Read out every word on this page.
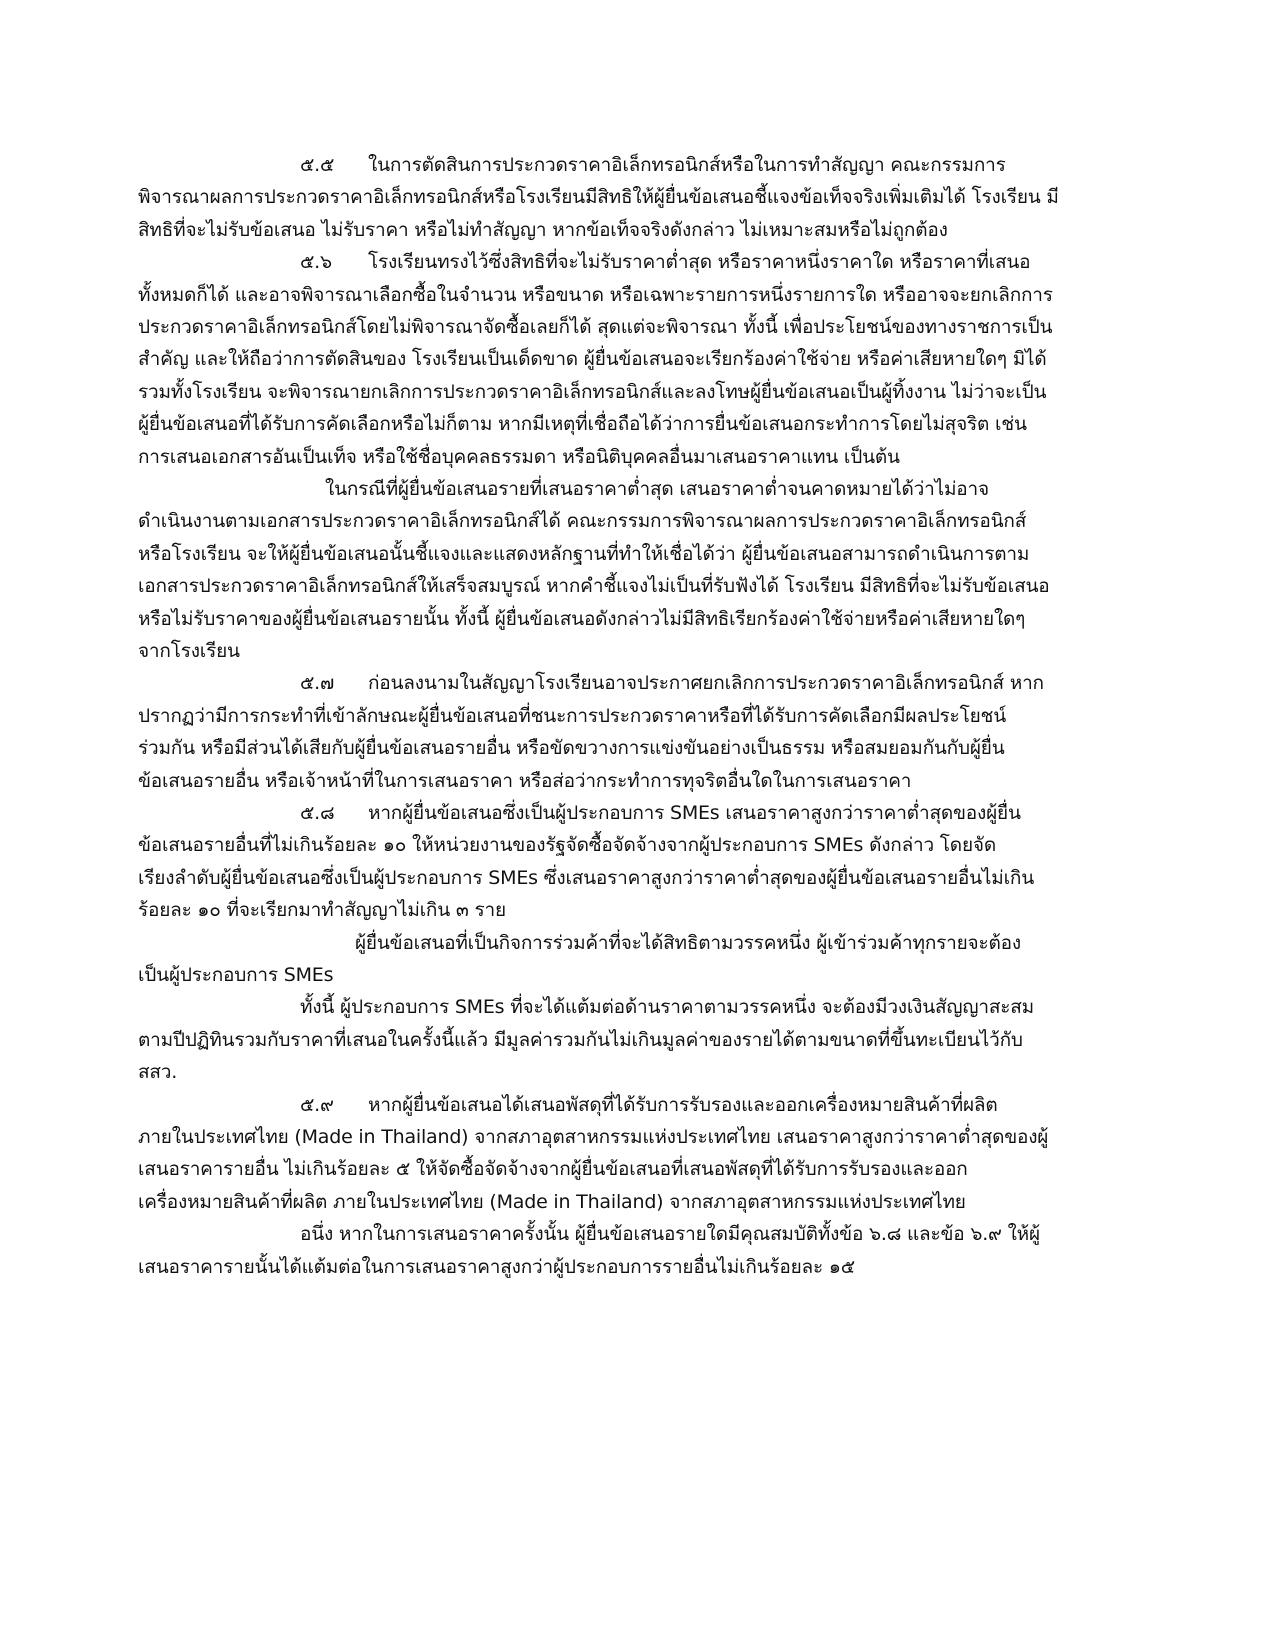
๕.๕ ในการตัดสินการประกวดราคาอิเล็กทรอนิกส์หรือในการทำสัญญา คณะกรรมการ
พิจารณาผลการประกวดราคาอิเล็กทรอนิกส์หรือโรงเรียนมีสิทธิให้ผู้ยื่นข้อเสนอชี้แจงข้อเท็จจริงเพิ่มเติมได้ โรงเรียน มี
สิทธิที่จะไม่รับข้อเสนอ ไม่รับราคา หรือไม่ทำสัญญา หากข้อเท็จจริงดังกล่าว ไม่เหมาะสมหรือไม่ถูกต้อง
๕.๖ โรงเรียนทรงไว้ซึ่งสิทธิที่จะไม่รับราคาต่ำสุด หรือราคาหนึ่งราคาใด หรือราคาที่เสนอ
ทั้งหมดก็ได้ และอาจพิจารณาเลือกซื้อในจำนวน หรือขนาด หรือเฉพาะรายการหนึ่งรายการใด หรืออาจจะยกเลิกการ
ประกวดราคาอิเล็กทรอนิกส์โดยไม่พิจารณาจัดซื้อเลยก็ได้ สุดแต่จะพิจารณา ทั้งนี้ เพื่อประโยชน์ของทางราชการเป็น
สำคัญ และให้ถือว่าการตัดสินของ โรงเรียนเป็นเด็ดขาด ผู้ยื่นข้อเสนอจะเรียกร้องค่าใช้จ่าย หรือค่าเสียหายใดๆ มิได้
รวมทั้งโรงเรียน จะพิจารณายกเลิกการประกวดราคาอิเล็กทรอนิกส์และลงโทษผู้ยื่นข้อเสนอเป็นผู้ทิ้งงาน ไม่ว่าจะเป็น
ผู้ยื่นข้อเสนอที่ได้รับการคัดเลือกหรือไม่ก็ตาม หากมีเหตุที่เชื่อถือได้ว่าการยื่นข้อเสนอกระทำการโดยไม่สุจริต เช่น
การเสนอเอกสารอันเป็นเท็จ หรือใช้ชื่อบุคคลธรรมดา หรือนิติบุคคลอื่นมาเสนอราคาแทน เป็นต้น
ในกรณีที่ผู้ยื่นข้อเสนอรายที่เสนอราคาต่ำสุด เสนอราคาต่ำจนคาดหมายได้ว่าไม่อาจ
ดำเนินงานตามเอกสารประกวดราคาอิเล็กทรอนิกส์ได้ คณะกรรมการพิจารณาผลการประกวดราคาอิเล็กทรอนิกส์
หรือโรงเรียน จะให้ผู้ยื่นข้อเสนอนั้นชี้แจงและแสดงหลักฐานที่ทำให้เชื่อได้ว่า ผู้ยื่นข้อเสนอสามารถดำเนินการตาม
เอกสารประกวดราคาอิเล็กทรอนิกส์ให้เสร็จสมบูรณ์ หากคำชี้แจงไม่เป็นที่รับฟังได้ โรงเรียน มีสิทธิที่จะไม่รับข้อเสนอ
หรือไม่รับราคาของผู้ยื่นข้อเสนอรายนั้น ทั้งนี้ ผู้ยื่นข้อเสนอดังกล่าวไม่มีสิทธิเรียกร้องค่าใช้จ่ายหรือค่าเสียหายใดๆ
จากโรงเรียน
๕.๗ ก่อนลงนามในสัญญาโรงเรียนอาจประกาศยกเลิกการประกวดราคาอิเล็กทรอนิกส์ หาก
ปรากฏว่ามีการกระทำที่เข้าลักษณะผู้ยื่นข้อเสนอที่ชนะการประกวดราคาหรือที่ได้รับการคัดเลือกมีผลประโยชน์
ร่วมกัน หรือมีส่วนได้เสียกับผู้ยื่นข้อเสนอรายอื่น หรือขัดขวางการแข่งขันอย่างเป็นธรรม หรือสมยอมกันกับผู้ยื่น
ข้อเสนอรายอื่น หรือเจ้าหน้าที่ในการเสนอราคา หรือส่อว่ากระทำการทุจริตอื่นใดในการเสนอราคา
๕.๘ หากผู้ยื่นข้อเสนอซึ่งเป็นผู้ประกอบการ SMEs เสนอราคาสูงกว่าราคาต่ำสุดของผู้ยื่น
ข้อเสนอรายอื่นที่ไม่เกินร้อยละ ๑๐ ให้หน่วยงานของรัฐจัดซื้อจัดจ้างจากผู้ประกอบการ SMEs ดังกล่าว โดยจัด
เรียงลำดับผู้ยื่นข้อเสนอซึ่งเป็นผู้ประกอบการ SMEs ซึ่งเสนอราคาสูงกว่าราคาต่ำสุดของผู้ยื่นข้อเสนอรายอื่นไม่เกิน
ร้อยละ ๑๐ ที่จะเรียกมาทำสัญญาไม่เกิน ๓ ราย
ผู้ยื่นข้อเสนอที่เป็นกิจการร่วมค้าที่จะได้สิทธิตามวรรคหนึ่ง ผู้เข้าร่วมค้าทุกรายจะต้อง
เป็นผู้ประกอบการ SMEs
ทั้งนี้ ผู้ประกอบการ SMEs ที่จะได้แต้มต่อด้านราคาตามวรรคหนึ่ง จะต้องมีวงเงินสัญญาสะสม
ตามปีปฏิทินรวมกับราคาที่เสนอในครั้งนี้แล้ว มีมูลค่ารวมกันไม่เกินมูลค่าของรายได้ตามขนาดที่ขึ้นทะเบียนไว้กับ
สสว.
๕.๙ หากผู้ยื่นข้อเสนอได้เสนอพัสดุที่ได้รับการรับรองและออกเครื่องหมายสินค้าที่ผลิต
ภายในประเทศไทย (Made in Thailand) จากสภาอุตสาหกรรมแห่งประเทศไทย เสนอราคาสูงกว่าราคาต่ำสุดของผู้
เสนอราคารายอื่น ไม่เกินร้อยละ ๕ ให้จัดซื้อจัดจ้างจากผู้ยื่นข้อเสนอที่เสนอพัสดุที่ได้รับการรับรองและออก
เครื่องหมายสินค้าที่ผลิต ภายในประเทศไทย (Made in Thailand) จากสภาอุตสาหกรรมแห่งประเทศไทย
อนึ่ง หากในการเสนอราคาครั้งนั้น ผู้ยื่นข้อเสนอรายใดมีคุณสมบัติทั้งข้อ ๖.๘ และข้อ ๖.๙ ให้ผู้
เสนอราคารายนั้นได้แต้มต่อในการเสนอราคาสูงกว่าผู้ประกอบการรายอื่นไม่เกินร้อยละ ๑๕
